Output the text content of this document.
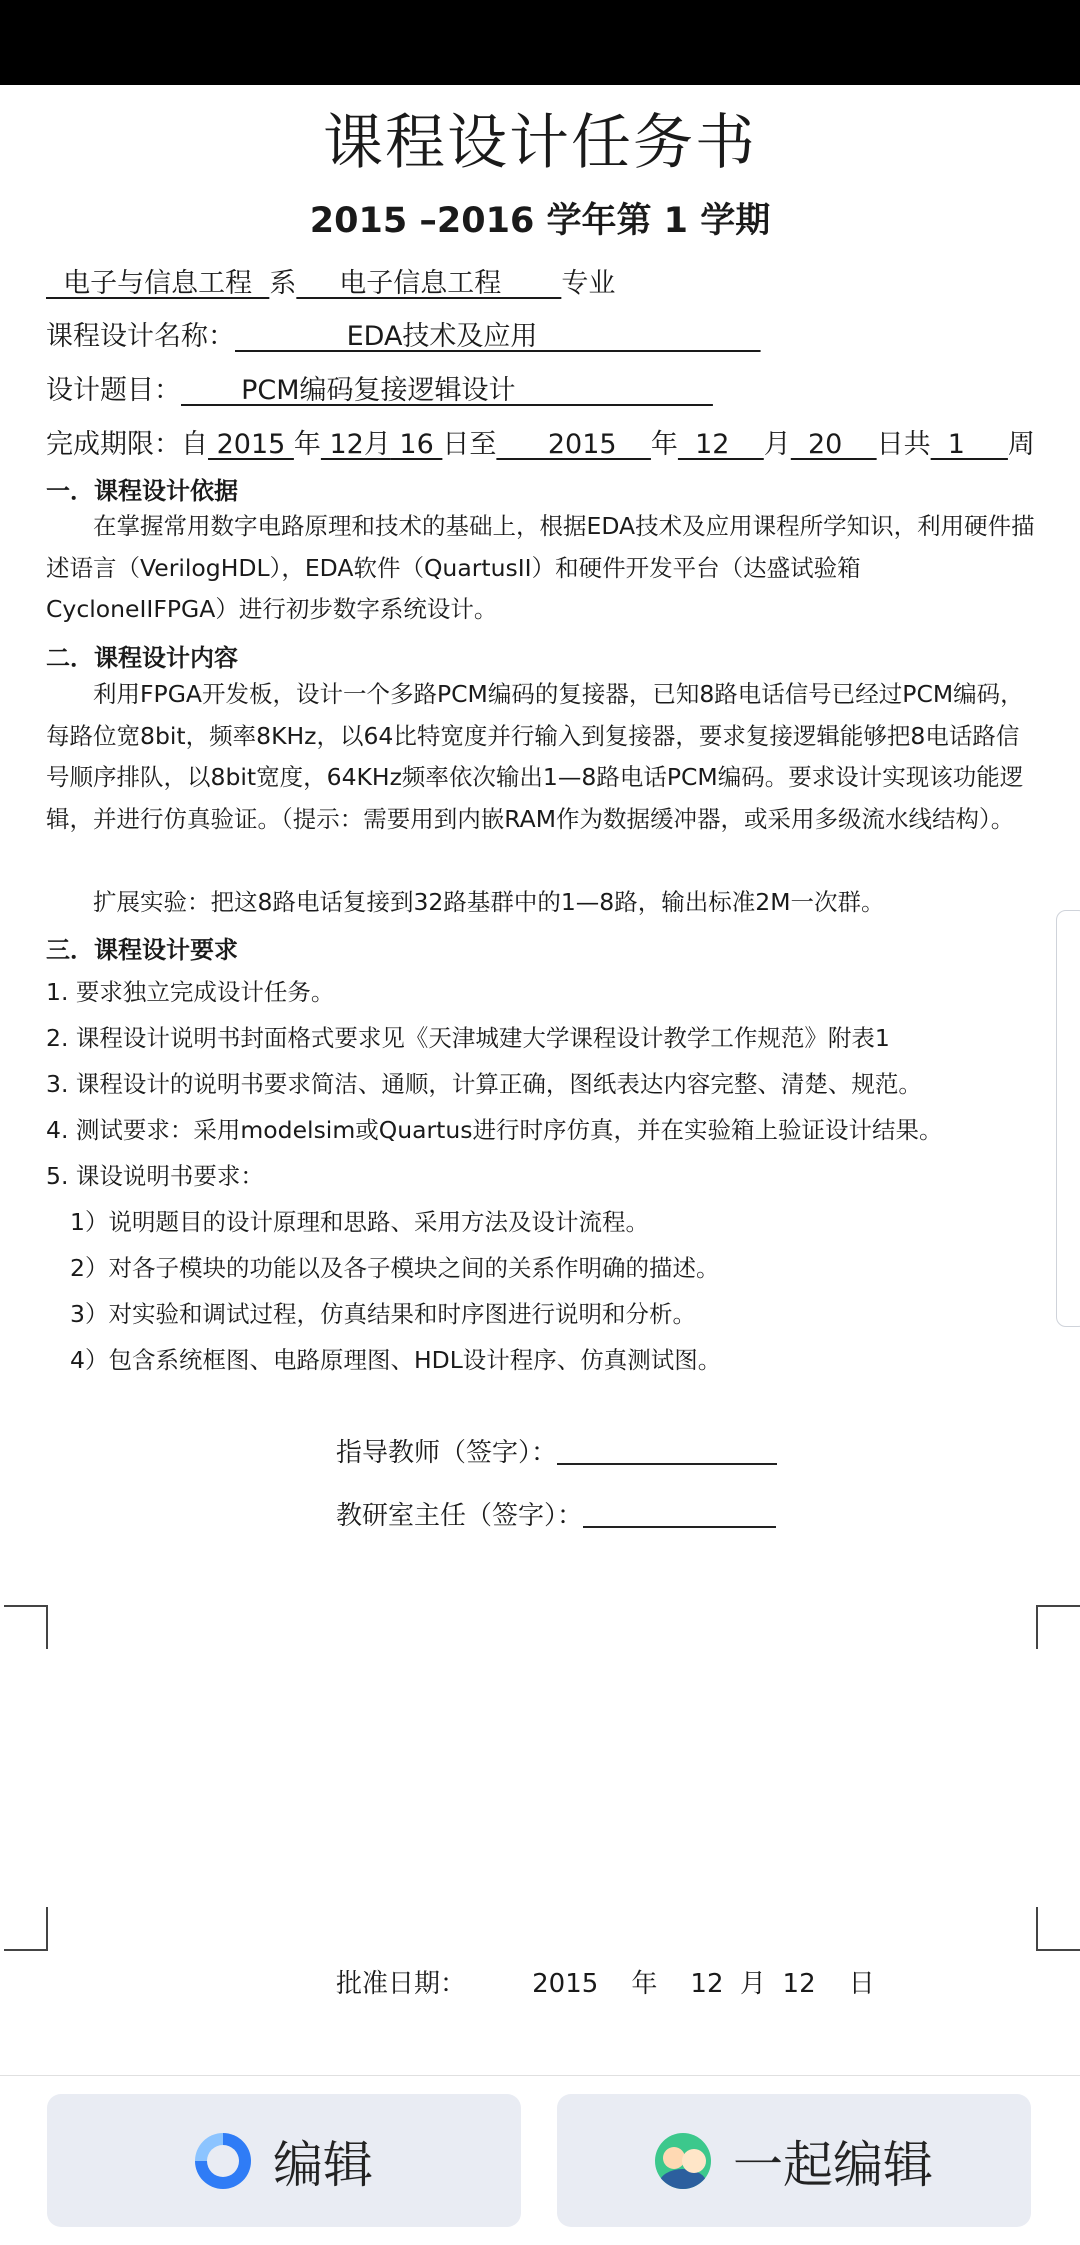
课程设计任务书
2015 –2016 学年第 1 学期
电子与信息工程  系     电子信息工程       专业
课程设计名称：             EDA技术及应用
设计题目：       PCM编码复接逻辑设计
完成期限：自 2015 年 12月 16 日至      2015    年  12    月  20    日共  1     周
一．课程设计依据
在掌握常用数字电路原理和技术的基础上，根据EDA技术及应用课程所学知识，利用硬件描述语言（VerilogHDL），EDA软件（QuartusII）和硬件开发平台（达盛试验箱CycloneIIFPGA）进行初步数字系统设计。
二．课程设计内容
利用FPGA开发板，设计一个多路PCM编码的复接器，已知8路电话信号已经过PCM编码，每路位宽8bit，频率8KHz，以64比特宽度并行输入到复接器，要求复接逻辑能够把8电话路信号顺序排队，以8bit宽度，64KHz频率依次输出1—8路电话PCM编码。要求设计实现该功能逻辑，并进行仿真验证。（提示：需要用到内嵌RAM作为数据缓冲器，或采用多级流水线结构）。
扩展实验：把这8路电话复接到32路基群中的1—8路，输出标准2M一次群。
三．课程设计要求
1. 要求独立完成设计任务。
2. 课程设计说明书封面格式要求见《天津城建大学课程设计教学工作规范》附表1
3. 课程设计的说明书要求简洁、通顺，计算正确，图纸表达内容完整、清楚、规范。
4. 测试要求：采用modelsim或Quartus进行时序仿真，并在实验箱上验证设计结果。
5. 课设说明书要求：
1）说明题目的设计原理和思路、采用方法及设计流程。
2）对各子模块的功能以及各子模块之间的关系作明确的描述。
3）对实验和调试过程，仿真结果和时序图进行说明和分析。
4）包含系统框图、电路原理图、HDL设计程序、仿真测试图。
指导教师（签字）：
教研室主任（签字）：
批准日期：        2015    年    12  月  12    日
编辑	一起编辑
